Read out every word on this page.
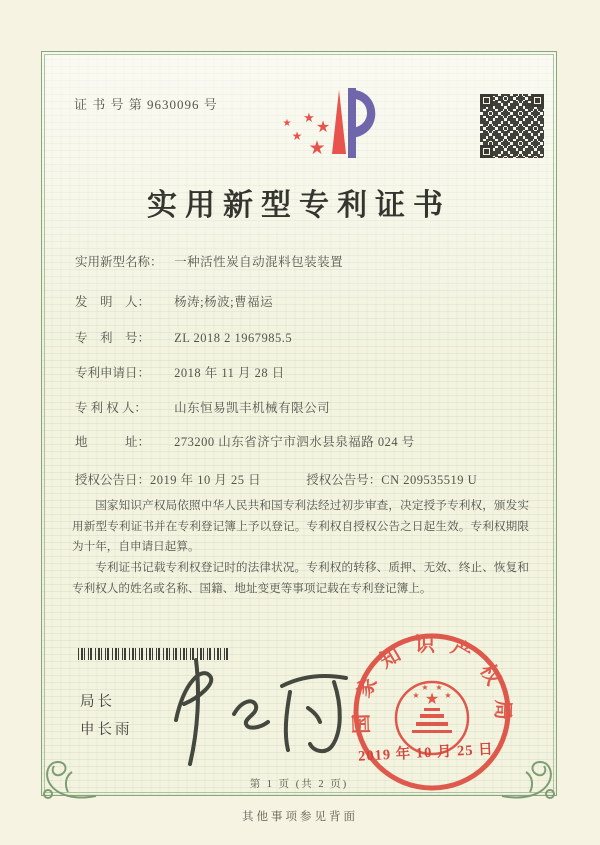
证 书 号 第 9630096 号
★
★
★
★
★
实用新型专利证书
实用新型名称： 一种活性炭自动混料包装装置
发　明　人： 杨涛;杨波;曹福运
专　利　号： ZL 2018 2 1967985.5
专利申请日： 2018 年 11 月 28 日
专 利 权 人： 山东恒易凯丰机械有限公司
地　　　址： 273200 山东省济宁市泗水县泉福路 024 号
授权公告日：2019 年 10 月 25 日	授权公告号：CN 209535519 U

国家知识产权局依照中华人民共和国专利法经过初步审查，决定授予专利权，颁发实用新型专利证书并在专利登记簿上予以登记。专利权自授权公告之日起生效。专利权期限为十年，自申请日起算。

专利证书记载专利权登记时的法律状况。专利权的转移、质押、无效、终止、恢复和专利权人的姓名或名称、国籍、地址变更等事项记载在专利登记簿上。

局长
申长雨	国家知识产权局
★
★
★ ★
★
2019 年 10 月 25 日
第 1 页 (共 2 页)
其他事项参见背面
